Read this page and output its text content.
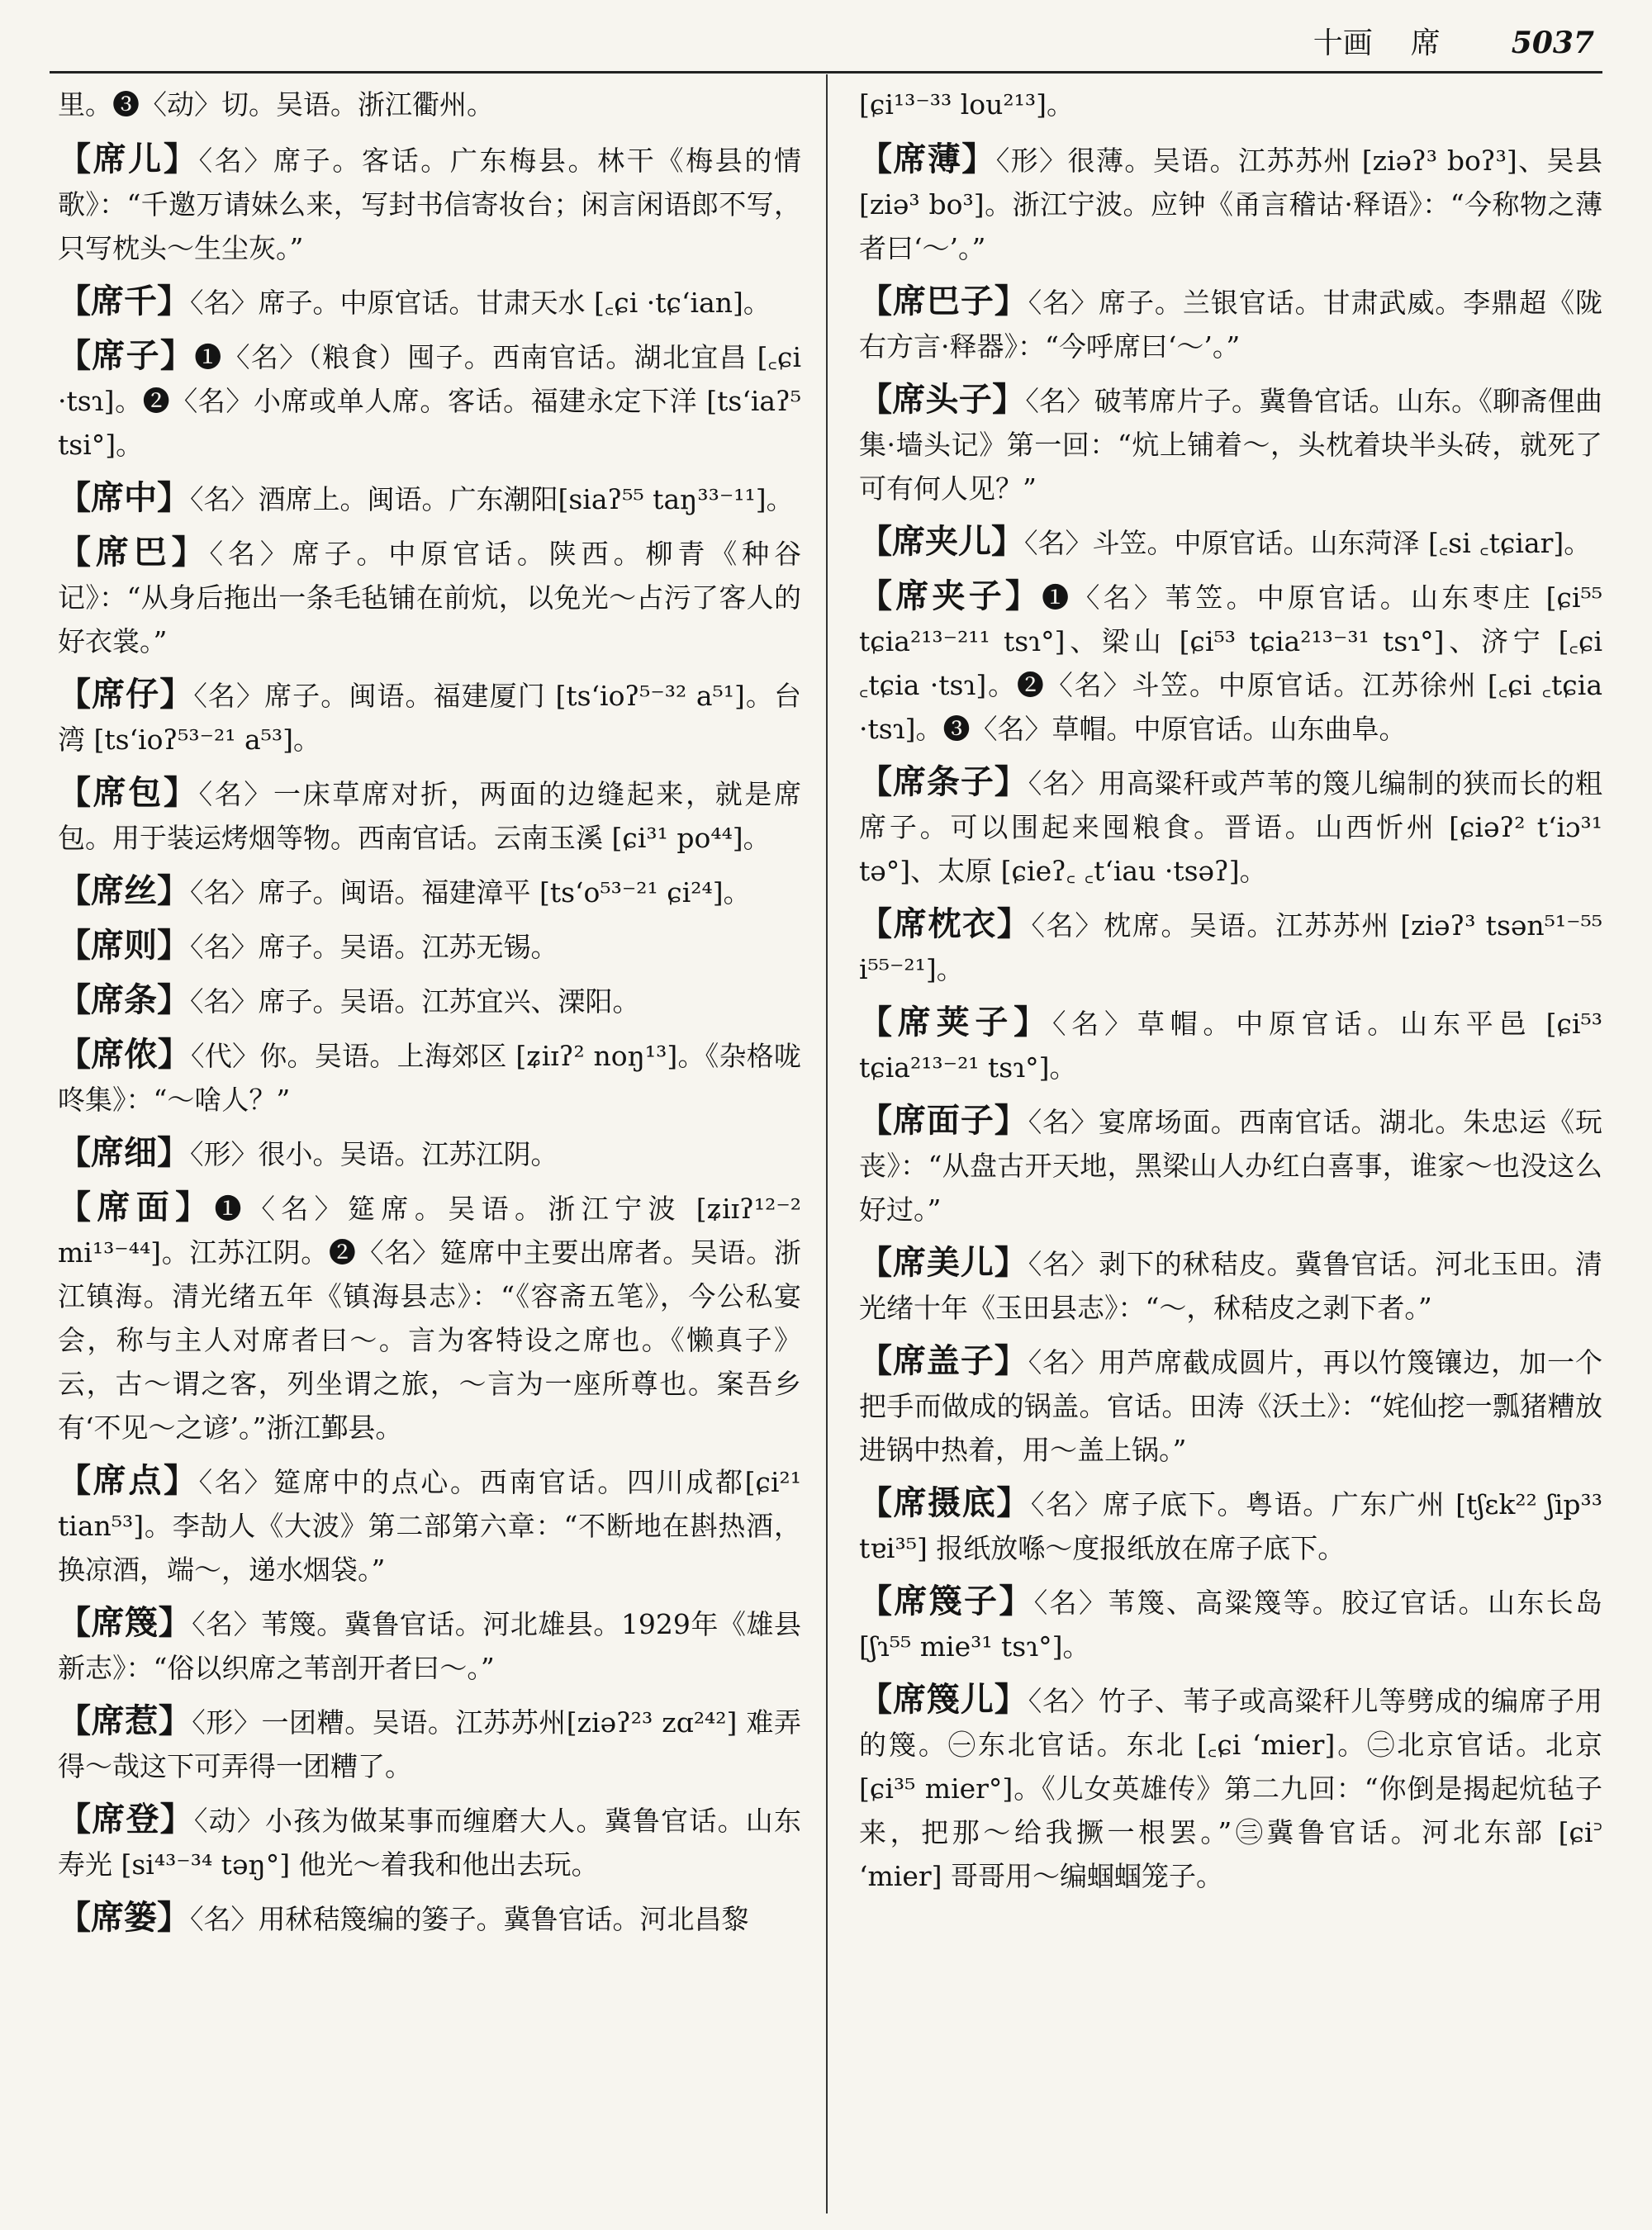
十画 席 5037

里。❸〈动〉切。吴语。浙江衢州。

【席儿】〈名〉席子。客话。广东梅县。林干《梅县的情歌》：“千邀万请妹么来，写封书信寄妆台；闲言闲语郎不写，只写枕头～生尘灰。”

【席千】〈名〉席子。中原官话。甘肃天水 [꜀ɕi ·tɕ‘ian]。

【席子】❶〈名〉（粮食）囤子。西南官话。湖北宜昌 [꜀ɕi ·tsɿ]。❷〈名〉小席或单人席。客话。福建永定下洋 [ts‘iaʔ⁵ tsi°]。

【席中】〈名〉酒席上。闽语。广东潮阳[siaʔ⁵⁵ taŋ³³⁻¹¹]。

【席巴】〈名〉席子。中原官话。陕西。柳青《种谷记》：“从身后拖出一条毛毡铺在前炕，以免光～占污了客人的好衣裳。”

【席仔】〈名〉席子。闽语。福建厦门 [ts‘ioʔ⁵⁻³² a⁵¹]。台湾 [ts‘ioʔ⁵³⁻²¹ a⁵³]。

【席包】〈名〉一床草席对折，两面的边缝起来，就是席包。用于装运烤烟等物。西南官话。云南玉溪 [ɕi³¹ po⁴⁴]。

【席丝】〈名〉席子。闽语。福建漳平 [ts‘o⁵³⁻²¹ ɕi²⁴]。

【席则】〈名〉席子。吴语。江苏无锡。

【席条】〈名〉席子。吴语。江苏宜兴、溧阳。

【席侬】〈代〉你。吴语。上海郊区 [ʑiɪʔ² noŋ¹³]。《杂格咙咚集》：“～啥人？”

【席细】〈形〉很小。吴语。江苏江阴。

【席面】❶〈名〉筵席。吴语。浙江宁波 [ʑiɪʔ¹²⁻² mi¹³⁻⁴⁴]。江苏江阴。❷〈名〉筵席中主要出席者。吴语。浙江镇海。清光绪五年《镇海县志》：“《容斋五笔》，今公私宴会，称与主人对席者曰～。言为客特设之席也。《懒真子》云，古～谓之客，列坐谓之旅，～言为一座所尊也。案吾乡有‘不见～之谚’。”浙江鄞县。

【席点】〈名〉筵席中的点心。西南官话。四川成都[ɕi²¹ tian⁵³]。李劼人《大波》第二部第六章：“不断地在斟热酒，换凉酒，端～，递水烟袋。”

【席篾】〈名〉苇篾。冀鲁官话。河北雄县。1929年《雄县新志》：“俗以织席之苇剖开者曰～。”

【席惹】〈形〉一团糟。吴语。江苏苏州[ziəʔ²³ zɑ²⁴²] 难弄得～哉这下可弄得一团糟了。

【席登】〈动〉小孩为做某事而缠磨大人。冀鲁官话。山东寿光 [si⁴³⁻³⁴ təŋ°] 他光～着我和他出去玩。

【席篓】〈名〉用秫秸篾编的篓子。冀鲁官话。河北昌黎

[ɕi¹³⁻³³ lou²¹³]。

【席薄】〈形〉很薄。吴语。江苏苏州 [ziəʔ³ boʔ³]、吴县 [ziə³ bo³]。浙江宁波。应钟《甬言稽诂·释语》：“今称物之薄者曰‘～’。”

【席巴子】〈名〉席子。兰银官话。甘肃武威。李鼎超《陇右方言·释器》：“今呼席曰‘～’。”

【席头子】〈名〉破苇席片子。冀鲁官话。山东。《聊斋俚曲集·墙头记》第一回：“炕上铺着～，头枕着块半头砖，就死了可有何人见？”

【席夹儿】〈名〉斗笠。中原官话。山东菏泽 [꜀si ꜀tɕiar]。

【席夹子】❶〈名〉苇笠。中原官话。山东枣庄 [ɕi⁵⁵ tɕia²¹³⁻²¹¹ tsɿ°]、梁山 [ɕi⁵³ tɕia²¹³⁻³¹ tsɿ°]、济宁 [꜀ɕi ꜀tɕia ·tsɿ]。❷〈名〉斗笠。中原官话。江苏徐州 [꜀ɕi ꜀tɕia ·tsɿ]。❸〈名〉草帽。中原官话。山东曲阜。

【席条子】〈名〉用高粱秆或芦苇的篾儿编制的狭而长的粗席子。可以围起来囤粮食。晋语。山西忻州 [ɕiəʔ² t‘iɔ³¹ tə°]、太原 [ɕieʔ꜀ ꜀t‘iau ·tsəʔ]。

【席枕衣】〈名〉枕席。吴语。江苏苏州 [ziəʔ³ tsən⁵¹⁻⁵⁵ i⁵⁵⁻²¹]。

【席荚子】〈名〉草帽。中原官话。山东平邑 [ɕi⁵³ tɕia²¹³⁻²¹ tsɿ°]。

【席面子】〈名〉宴席场面。西南官话。湖北。朱忠运《玩丧》：“从盘古开天地，黑梁山人办红白喜事，谁家～也没这么好过。”

【席美儿】〈名〉剥下的秫秸皮。冀鲁官话。河北玉田。清光绪十年《玉田县志》：“～，秫秸皮之剥下者。”

【席盖子】〈名〉用芦席截成圆片，再以竹篾镶边，加一个把手而做成的锅盖。官话。田涛《沃土》：“姹仙挖一瓢猪糟放进锅中热着，用～盖上锅。”

【席摄底】〈名〉席子底下。粤语。广东广州 [tʃɛk²² ʃip³³ tɐi³⁵] 报纸放喺～度报纸放在席子底下。

【席篾子】〈名〉苇篾、高粱篾等。胶辽官话。山东长岛 [ʃɿ⁵⁵ mie³¹ tsɿ°]。

【席篾儿】〈名〉竹子、苇子或高粱秆儿等劈成的编席子用的篾。㊀东北官话。东北 [꜀ɕi ‘mier]。㊁北京官话。北京 [ɕi³⁵ mier°]。《儿女英雄传》第二九回：“你倒是揭起炕毡子来，把那～给我撅一根罢。”㊂冀鲁官话。河北东部 [ɕi꜄ ‘mier] 哥哥用～编蝈蝈笼子。
